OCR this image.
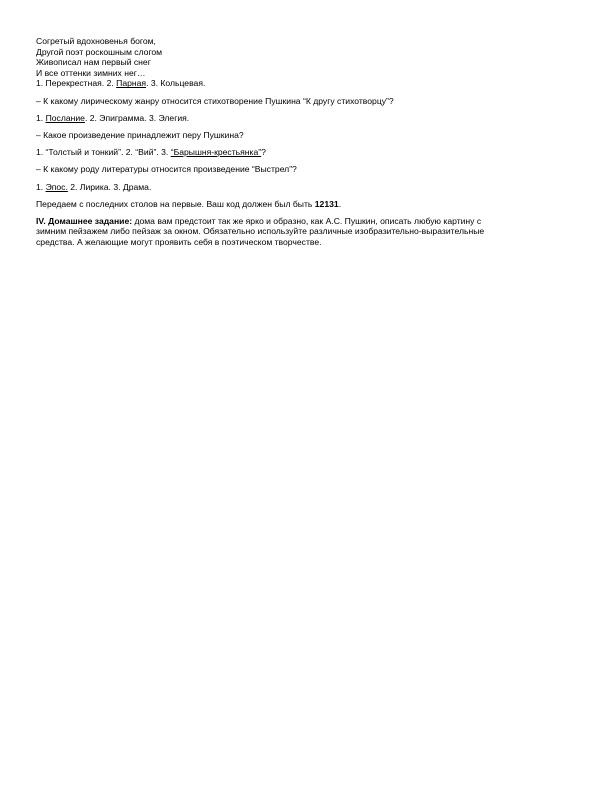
Согретый вдохновенья богом,

Другой поэт роскошным слогом

Живописал нам первый снег

И все оттенки зимних нег…

1. Перекрестная. 2. Парная. 3. Кольцевая.

– К какому лирическому жанру относится стихотворение Пушкина “К другу стихотворцу”?

1. Послание. 2. Эпиграмма. 3. Элегия.

– Какое произведение принадлежит перу Пушкина?

1. “Толстый и тонкий”. 2. “Вий”. 3. “Барышня-крестьянка”?

– К какому роду литературы относится произведение “Выстрел”?

1. Эпос. 2. Лирика. 3. Драма.

Передаем с последних столов на первые. Ваш код должен был быть 12131.

IV. Домашнее задание: дома вам предстоит так же ярко и образно, как А.С. Пушкин, описать любую картину с
зимним пейзажем либо пейзаж за окном. Обязательно используйте различные изобразительно-выразительные
средства. А желающие могут проявить себя в поэтическом творчестве.
